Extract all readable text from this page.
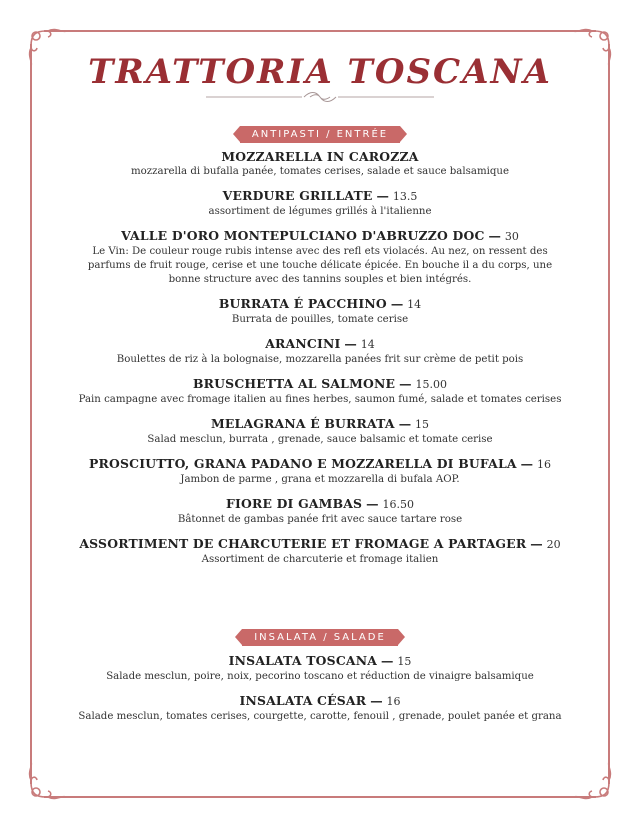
TRATTORIA TOSCANA
ANTIPASTI / ENTRÉE
MOZZARELLA IN CAROZZA
mozzarella di bufalla panée, tomates cerises, salade et sauce balsamique
VERDURE GRILLATE — 13.5
assortiment de légumes grillés à l'italienne
VALLE D'ORO MONTEPULCIANO D'ABRUZZO DOC — 30
Le Vin: De couleur rouge rubis intense avec des refl ets violacés. Au nez, on ressent des parfums de fruit rouge, cerise et une touche délicate épicée. En bouche il a du corps, une bonne structure avec des tannins souples et bien intégrés.
BURRATA É PACCHINO — 14
Burrata de pouilles, tomate cerise
ARANCINI — 14
Boulettes de riz à la bolognaise, mozzarella panées frit sur crème de petit pois
BRUSCHETTA AL SALMONE — 15.00
Pain campagne avec fromage italien au fines herbes, saumon fumé, salade et tomates cerises
MELAGRANA É BURRATA — 15
Salad mesclun, burrata , grenade, sauce balsamic et tomate cerise
PROSCIUTTO, GRANA PADANO E MOZZARELLA DI BUFALA — 16
Jambon de parme , grana et mozzarella di bufala AOP.
FIORE DI GAMBAS — 16.50
Bâtonnet de gambas panée frit avec sauce tartare rose
ASSORTIMENT DE CHARCUTERIE ET FROMAGE A PARTAGER — 20
Assortiment de charcuterie et fromage italien
INSALATA / SALADE
INSALATA TOSCANA — 15
Salade mesclun, poire, noix, pecorino toscano et réduction de vinaigre balsamique
INSALATA CÉSAR — 16
Salade mesclun, tomates cerises, courgette, carotte, fenouil , grenade, poulet panée et grana
